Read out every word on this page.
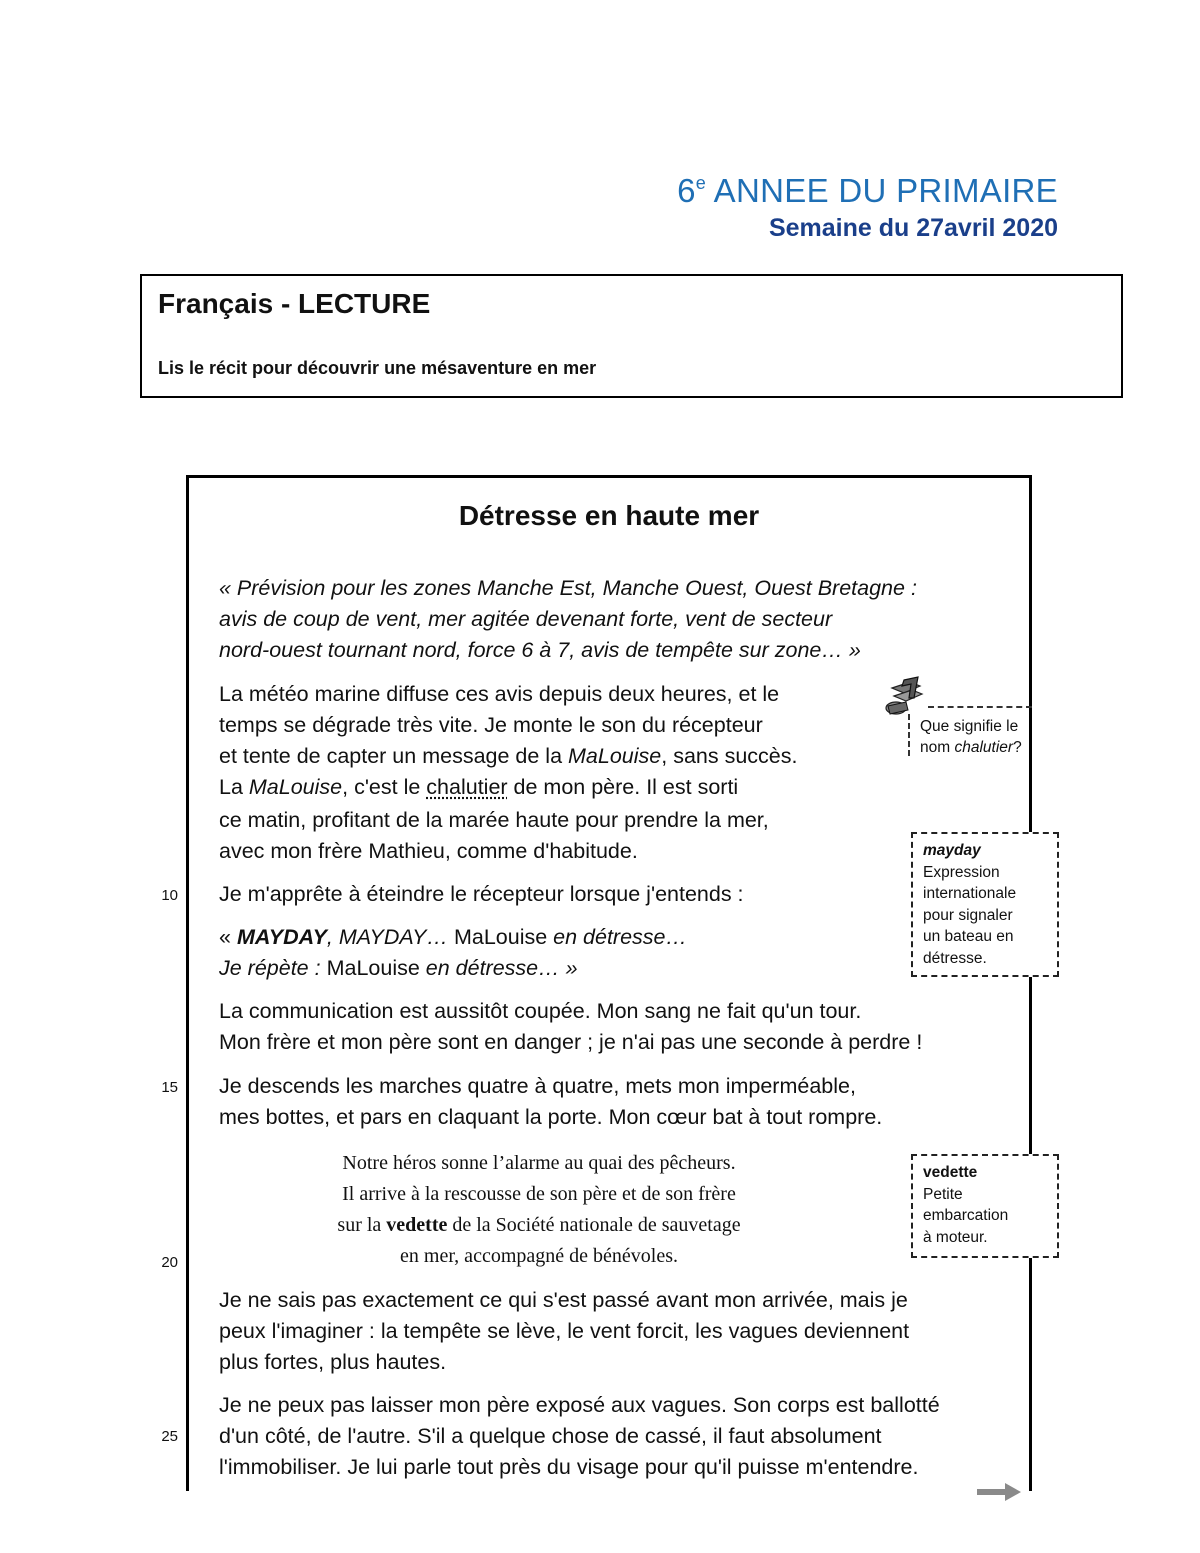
6e ANNEE DU PRIMAIRE
Semaine du 27avril 2020
Français - LECTURE
Lis le récit pour découvrir une mésaventure en mer
Détresse en haute mer
« Prévision pour les zones Manche Est, Manche Ouest, Ouest Bretagne :
avis de coup de vent, mer agitée devenant forte, vent de secteur
nord-ouest tournant nord, force 6 à 7, avis de tempête sur zone… »
La météo marine diffuse ces avis depuis deux heures, et le
temps se dégrade très vite. Je monte le son du récepteur
et tente de capter un message de la MaLouise, sans succès.
La MaLouise, c'est le chalutier de mon père. Il est sorti
ce matin, profitant de la marée haute pour prendre la mer,
avec mon frère Mathieu, comme d'habitude.
Je m'apprête à éteindre le récepteur lorsque j'entends :
« MAYDAY, MAYDAY… MaLouise en détresse…
Je répète : MaLouise en détresse… »
La communication est aussitôt coupée. Mon sang ne fait qu'un tour.
Mon frère et mon père sont en danger ; je n'ai pas une seconde à perdre !
Je descends les marches quatre à quatre, mets mon imperméable,
mes bottes, et pars en claquant la porte. Mon cœur bat à tout rompre.
Notre héros sonne l’alarme au quai des pêcheurs.
Il arrive à la rescousse de son père et de son frère
sur la vedette de la Société nationale de sauvetage
en mer, accompagné de bénévoles.
Je ne sais pas exactement ce qui s'est passé avant mon arrivée, mais je
peux l'imaginer : la tempête se lève, le vent forcit, les vagues deviennent
plus fortes, plus hautes.
Je ne peux pas laisser mon père exposé aux vagues. Son corps est ballotté
d'un côté, de l'autre. S'il a quelque chose de cassé, il faut absolument
l'immobiliser. Je lui parle tout près du visage pour qu'il puisse m'entendre.
10
15
20
25
Que signifie le
nom chalutier?
mayday
Expression
internationale
pour signaler
un bateau en
détresse.
vedette
Petite
embarcation
à moteur.
